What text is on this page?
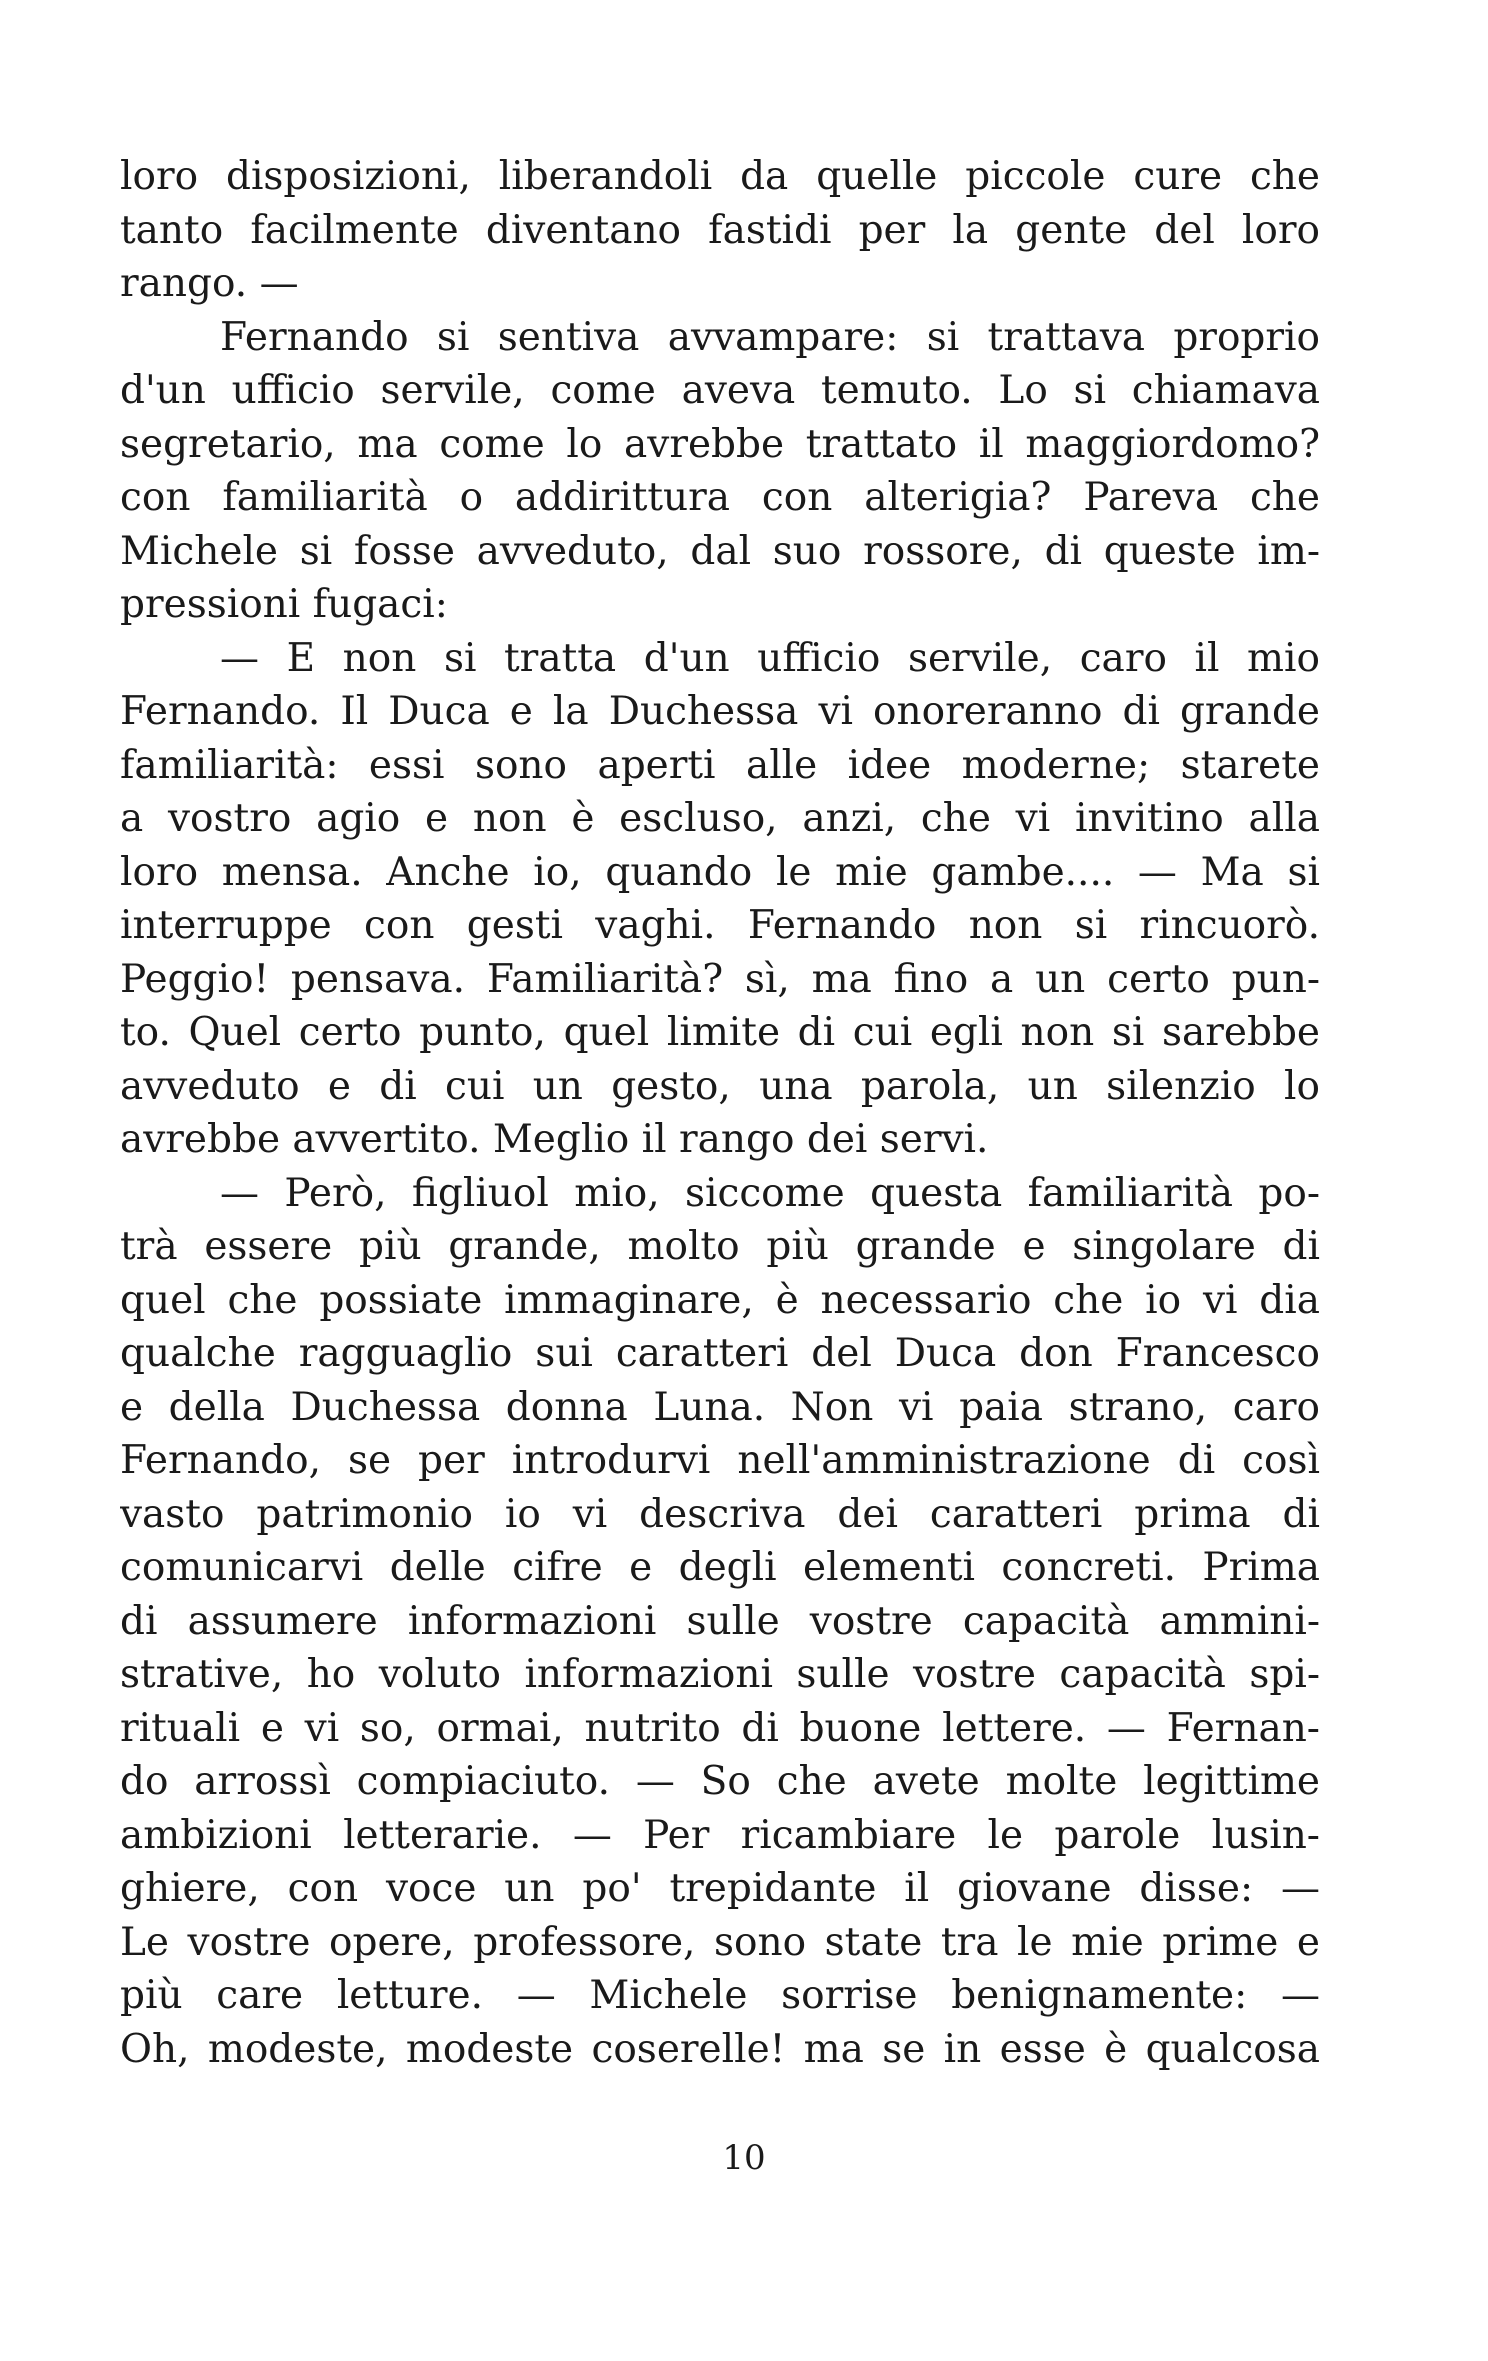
loro disposizioni, liberandoli da quelle piccole cure che
tanto facilmente diventano fastidi per la gente del loro
rango. —
Fernando si sentiva avvampare: si trattava proprio
d'un ufficio servile, come aveva temuto. Lo si chiamava
segretario, ma come lo avrebbe trattato il maggiordomo?
con familiarità o addirittura con alterigia? Pareva che
Michele si fosse avveduto, dal suo rossore, di queste im-
pressioni fugaci:
— E non si tratta d'un ufficio servile, caro il mio
Fernando. Il Duca e la Duchessa vi onoreranno di grande
familiarità: essi sono aperti alle idee moderne; starete
a vostro agio e non è escluso, anzi, che vi invitino alla
loro mensa. Anche io, quando le mie gambe.... — Ma si
interruppe con gesti vaghi. Fernando non si rincuorò.
Peggio! pensava. Familiarità? sì, ma fino a un certo pun-
to. Quel certo punto, quel limite di cui egli non si sarebbe
avveduto e di cui un gesto, una parola, un silenzio lo
avrebbe avvertito. Meglio il rango dei servi.
— Però, figliuol mio, siccome questa familiarità po-
trà essere più grande, molto più grande e singolare di
quel che possiate immaginare, è necessario che io vi dia
qualche ragguaglio sui caratteri del Duca don Francesco
e della Duchessa donna Luna. Non vi paia strano, caro
Fernando, se per introdurvi nell'amministrazione di così
vasto patrimonio io vi descriva dei caratteri prima di
comunicarvi delle cifre e degli elementi concreti. Prima
di assumere informazioni sulle vostre capacità ammini-
strative, ho voluto informazioni sulle vostre capacità spi-
rituali e vi so, ormai, nutrito di buone lettere. — Fernan-
do arrossì compiaciuto. — So che avete molte legittime
ambizioni letterarie. — Per ricambiare le parole lusin-
ghiere, con voce un po' trepidante il giovane disse: —
Le vostre opere, professore, sono state tra le mie prime e
più care letture. — Michele sorrise benignamente: —
Oh, modeste, modeste coserelle! ma se in esse è qualcosa
10
